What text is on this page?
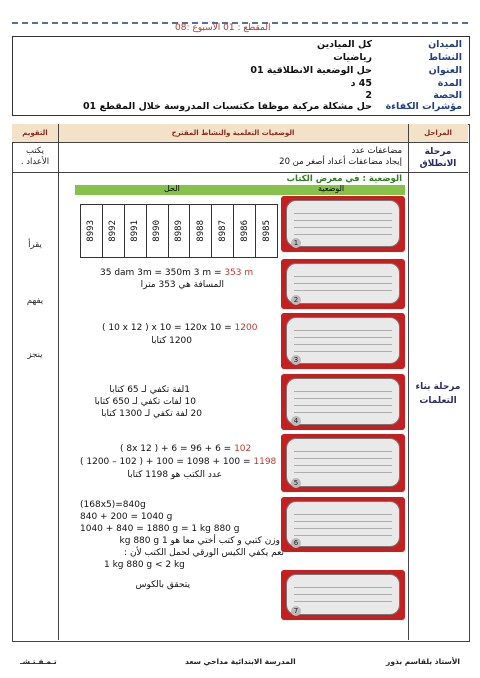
المقطع : 01 الأسبوع :08
الميدان
النشاط
العنوان
المدة
الحصة
مؤشرات الكفاءة
كل الميادين
رياضيات
حل الوضعية الانطلاقية 01
45 د
2
حل مشكلة مركبة موظفا مكتسبات المدروسة خلال المقطع 01
المراحل
الوضعيات التعلمية والنشاط المقترح
التقويم
مرحلة الانطلاق
مضاعفات عدد
إيجاد مضاعفات أعداد أصغر من 20
يكتب الأعداد .
مرحلة بناء التعلمات
يقرأ
يفهم
ينجز
الوضعية : في معرض الكتاب
الوضعية
الحل
8985
8986
8987
8988
8989
8990
8991
8992
8993
1
2
3
4
5
6
7
35 dam 3m = 350m 3 m = 353 m
المسافة هي 353 مترا
( 10 x 12 ) x 10 = 120x 10 = 1200
1200 كتابا
1لفة تكفي لـ 65 كتابا
10 لفات تكفي لـ 650 كتابا
20 لفة تكفي لـ 1300 كتابا
( 8x 12 ) + 6 = 96 + 6 = 102
( 1200 – 102 ) + 100 = 1098 + 100 = 1198
عدد الكتب هو 1198 كتابا
(168x5)=840g
840 + 200 = 1040 g
1040 + 840 = 1880 g = 1 kg 880 g
وزن كتبي و كتب أختي معا هو 1 kg 880 g
نعم يكفي الكيس الورقي لحمل الكتب لأن :
1 kg 880 g < 2 kg
يتحقق بالكوس
تـمـفـتـشـ	المدرسة الابتدائية مداحي سعد	الأستاذ بلقاسم بذور
